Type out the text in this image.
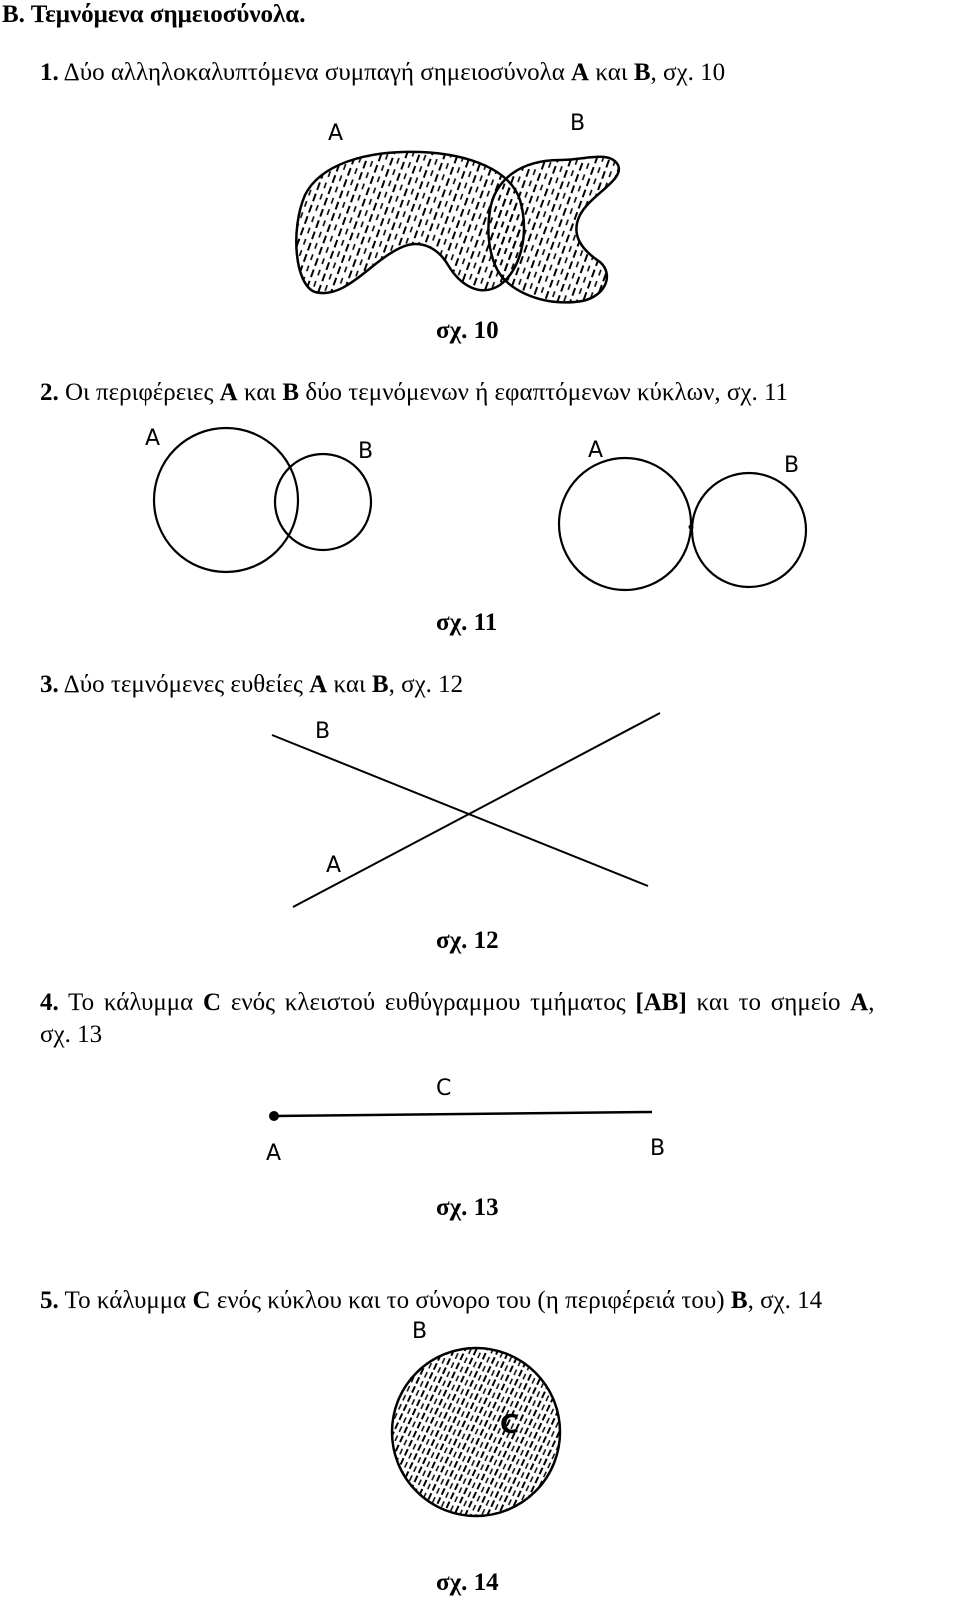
Β. Τεμνόμενα σημειοσύνολα.
1. Δύο αλληλοκαλυπτόμενα συμπαγή σημειοσύνολα Α και Β, σχ. 10
A	B
σχ. 10
2. Οι περιφέρειες Α και Β δύο τεμνόμενων ή εφαπτόμενων κύκλων, σχ. 11
A
B	A
B
σχ. 11
3. Δύο τεμνόμενες ευθείες Α και Β, σχ. 12
B
A
σχ. 12
4. Το κάλυμμα C ενός κλειστού ευθύγραμμου τμήματος [ΑΒ] και το σημείο Α,
σχ. 13
C
A	B
σχ. 13
5. Το κάλυμμα C ενός κύκλου και το σύνορο του (η περιφέρειά του) Β, σχ. 14
B
C
σχ. 14
